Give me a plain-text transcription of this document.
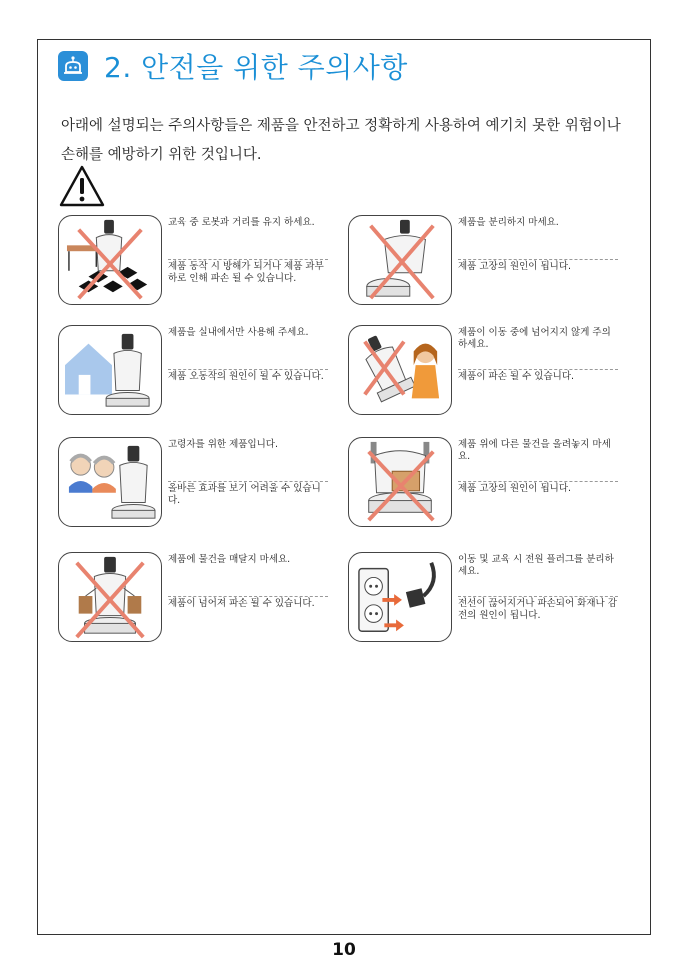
2. 안전을 위한 주의사항

아래에 설명되는 주의사항들은 제품을 안전하고 정확하게 사용하여 예기치 못한 위험이나 손해를 예방하기 위한 것입니다.

교육 중 로봇과 거리를 유지 하세요.
제품 동작 시 방해가 되거나 제품 과부하로 인해 파손 될 수 있습니다.
제품을 분리하지 마세요.
제품 고장의 원인이 됩니다.
제품을 실내에서만 사용해 주세요.
제품 오동작의 원인이 될 수 있습니다.
제품이 이동 중에 넘어지지 않게 주의 하세요.
제품이 파손 될 수 있습니다.
고령자를 위한 제품입니다.
올바른 효과를 보기 어려울 수 있습니다.
제품 위에 다른 물건을 올려놓지 마세요.
제품 고장의 원인이 됩니다.
제품에 물건을 매달지 마세요.
제품이 넘어져 파손 될 수 있습니다.
이동 및 교육 시 전원 플러그를 분리하세요.
전선이 끊어지거나 파손되어 화재나 감전의 원인이 됩니다.
10
